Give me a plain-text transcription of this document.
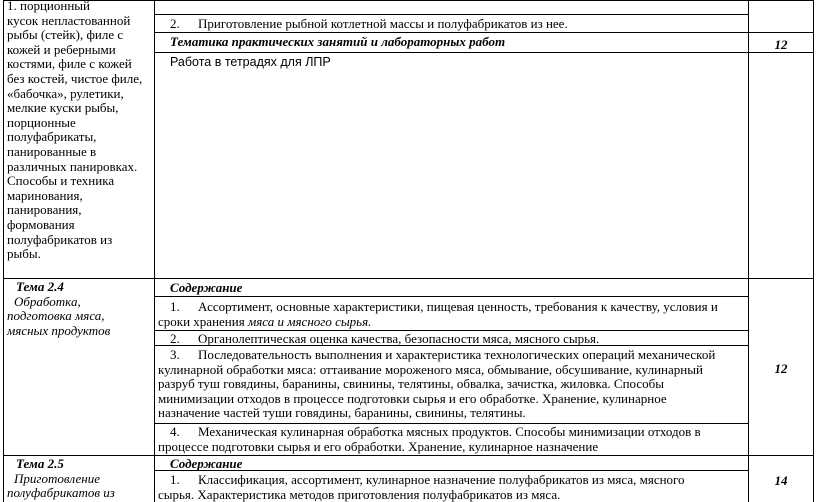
1. порционный
кусок непластованной
рыбы (стейк), филе с
кожей и реберными
костями, филе с кожей
без костей, чистое филе,
«бабочка», рулетики,
мелкие куски рыбы,
порционные
полуфабрикаты,
панированные в
различных панировках.
Способы и техника
маринования,
панирования,
формования
полуфабрикатов из
рыбы.
2. Приготовление рыбной котлетной массы и полуфабрикатов из нее.
Тематика практических занятий и лабораторных работ	12
Работа в тетрадях для ЛПР
Тема 2.4
Обработка,
подготовка мяса,
мясных продуктов
Содержание
1. Ассортимент, основные характеристики, пищевая ценность, требования к качеству, условия и
сроки хранения мяса и мясного сырья.
2. Органолептическая оценка качества, безопасности мяса, мясного сырья.
3. Последовательность выполнения и характеристика технологических операций механической
кулинарной обработки мяса: оттаивание мороженого мяса, обмывание, обсушивание, кулинарный
разруб туш говядины, баранины, свинины, телятины, обвалка, зачистка, жиловка. Способы
минимизации отходов в процессе подготовки сырья и его обработке. Хранение, кулинарное
назначение частей туши говядины, баранины, свинины, телятины.
4. Механическая кулинарная обработка мясных продуктов. Способы минимизации отходов в
процессе подготовки сырья и его обработки. Хранение, кулинарное назначение
12
Тема 2.5
Приготовление
полуфабрикатов из
Содержание
1. Классификация, ассортимент, кулинарное назначение полуфабрикатов из мяса, мясного
сырья. Характеристика методов приготовления полуфабрикатов из мяса.
14
